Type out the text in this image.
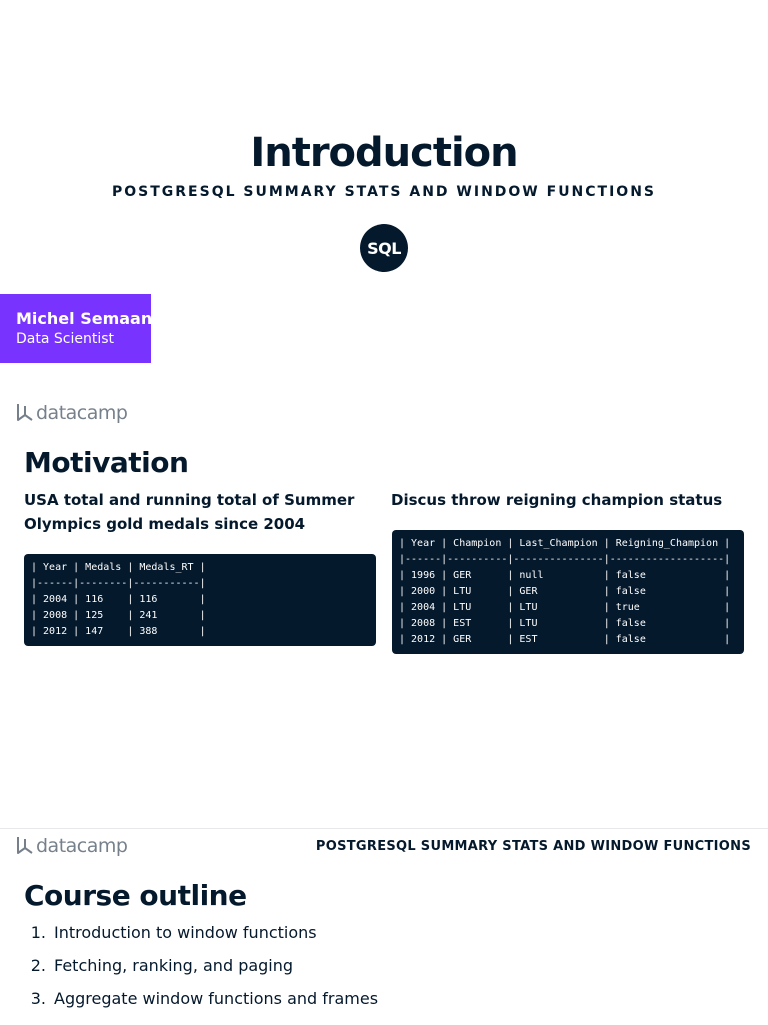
Introduction
POSTGRESQL SUMMARY STATS AND WINDOW FUNCTIONS
SQL
Michel Semaan
Data Scientist
datacamp
Motivation
USA total and running total of Summer
Olympics gold medals since 2004
| Year | Medals | Medals_RT |
|------|--------|-----------|
| 2004 | 116    | 116       |
| 2008 | 125    | 241       |
| 2012 | 147    | 388       |
Discus throw reigning champion status
| Year | Champion | Last_Champion | Reigning_Champion |
|------|----------|---------------|-------------------|
| 1996 | GER      | null          | false             |
| 2000 | LTU      | GER           | false             |
| 2004 | LTU      | LTU           | true              |
| 2008 | EST      | LTU           | false             |
| 2012 | GER      | EST           | false             |
datacamp	POSTGRESQL SUMMARY STATS AND WINDOW FUNCTIONS
Course outline
1. Introduction to window functions
2. Fetching, ranking, and paging
3. Aggregate window functions and frames
